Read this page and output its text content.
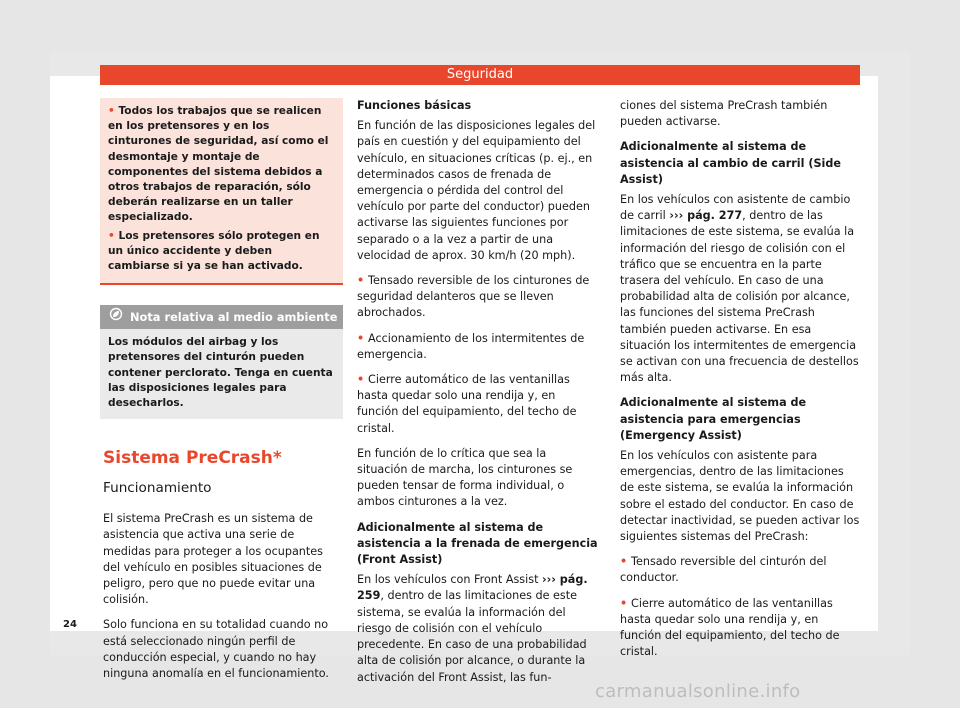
Seguridad

• Todos los trabajos que se realicen en los pretensores y en los cinturones de seguridad, así como el desmontaje y montaje de componentes del sistema debidos a otros trabajos de reparación, sólo deberán realizarse en un taller especializado.

• Los pretensores sólo protegen en un único accidente y deben cambiarse si ya se han activado.

Nota relativa al medio ambiente
Los módulos del airbag y los pretensores del cinturón pueden contener perclorato. Tenga en cuenta las disposiciones legales para desecharlos.
Sistema PreCrash*
Funcionamiento

El sistema PreCrash es un sistema de asistencia que activa una serie de medidas para proteger a los ocupantes del vehículo en posibles situaciones de peligro, pero que no puede evitar una colisión.

Solo funciona en su totalidad cuando no está seleccionado ningún perfil de conducción especial, y cuando no hay ninguna anomalía en el funcionamiento.

Funciones básicas

En función de las disposiciones legales del país en cuestión y del equipamiento del vehículo, en situaciones críticas (p. ej., en determinados casos de frenada de emergencia o pérdida del control del vehículo por parte del conductor) pueden activarse las siguientes funciones por separado o a la vez a partir de una velocidad de aprox. 30 km/h (20 mph).

• Tensado reversible de los cinturones de seguridad delanteros que se lleven abrochados.

• Accionamiento de los intermitentes de emergencia.

• Cierre automático de las ventanillas hasta quedar solo una rendija y, en función del equipamiento, del techo de cristal.

En función de lo crítica que sea la situación de marcha, los cinturones se pueden tensar de forma individual, o ambos cinturones a la vez.

Adicionalmente al sistema de asistencia a la frenada de emergencia (Front Assist)

En los vehículos con Front Assist ››› pág. 259, dentro de las limitaciones de este sistema, se evalúa la información del riesgo de colisión con el vehículo precedente. En caso de una probabilidad alta de colisión por alcance, o durante la activación del Front Assist, las fun-

ciones del sistema PreCrash también pueden activarse.

Adicionalmente al sistema de asistencia al cambio de carril (Side Assist)

En los vehículos con asistente de cambio de carril ››› pág. 277, dentro de las limitaciones de este sistema, se evalúa la información del riesgo de colisión con el tráfico que se encuentra en la parte trasera del vehículo. En caso de una probabilidad alta de colisión por alcance, las funciones del sistema PreCrash también pueden activarse. En esa situación los intermitentes de emergencia se activan con una frecuencia de destellos más alta.

Adicionalmente al sistema de asistencia para emergencias (Emergency Assist)

En los vehículos con asistente para emergencias, dentro de las limitaciones de este sistema, se evalúa la información sobre el estado del conductor. En caso de detectar inactividad, se pueden activar los siguientes sistemas del PreCrash:

• Tensado reversible del cinturón del conductor.

• Cierre automático de las ventanillas hasta quedar solo una rendija y, en función del equipamiento, del techo de cristal.

24
carmanualsonline.info
